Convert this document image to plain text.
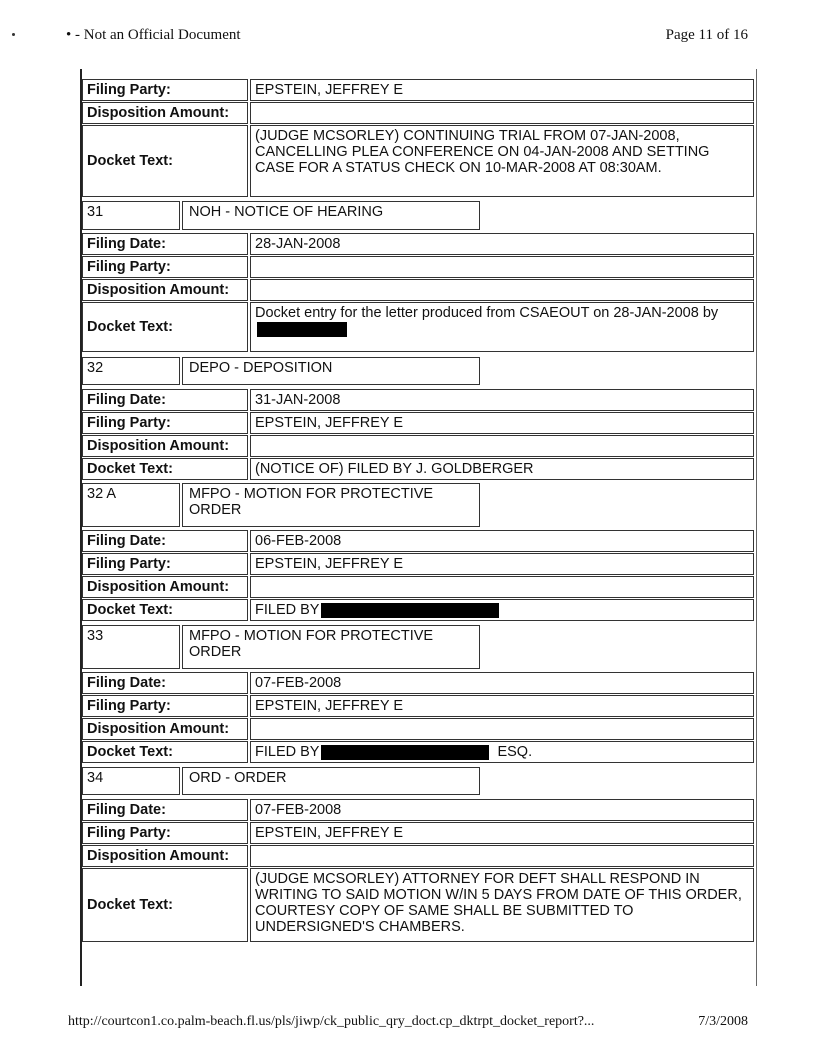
• - Not an Official Document	Page 11 of 16
Filing Party:	EPSTEIN, JEFFREY E
Disposition Amount:
Docket Text:
(JUDGE MCSORLEY) CONTINUING TRIAL FROM 07-JAN-2008, CANCELLING PLEA CONFERENCE ON 04-JAN-2008 AND SETTING CASE FOR A STATUS CHECK ON 10-MAR-2008 AT 08:30AM.
31	NOH - NOTICE OF HEARING
Filing Date:	28-JAN-2008
Filing Party:
Disposition Amount:
Docket Text:
Docket entry for the letter produced from CSAEOUT on 28-JAN-2008 by
32	DEPO - DEPOSITION
Filing Date:	31-JAN-2008
Filing Party:	EPSTEIN, JEFFREY E
Disposition Amount:
Docket Text:	(NOTICE OF) FILED BY J. GOLDBERGER
32 A	MFPO - MOTION FOR PROTECTIVE ORDER
Filing Date:	06-FEB-2008
Filing Party:	EPSTEIN, JEFFREY E
Disposition Amount:
Docket Text:	FILED BY
33	MFPO - MOTION FOR PROTECTIVE ORDER
Filing Date:	07-FEB-2008
Filing Party:	EPSTEIN, JEFFREY E
Disposition Amount:
Docket Text:	FILED BY	ESQ.
34	ORD - ORDER
Filing Date:	07-FEB-2008
Filing Party:	EPSTEIN, JEFFREY E
Disposition Amount:
Docket Text:
(JUDGE MCSORLEY) ATTORNEY FOR DEFT SHALL RESPOND IN WRITING TO SAID MOTION W/IN 5 DAYS FROM DATE OF THIS ORDER, COURTESY COPY OF SAME SHALL BE SUBMITTED TO UNDERSIGNED'S CHAMBERS.
http://courtcon1.co.palm-beach.fl.us/pls/jiwp/ck_public_qry_doct.cp_dktrpt_docket_report?...	7/3/2008
